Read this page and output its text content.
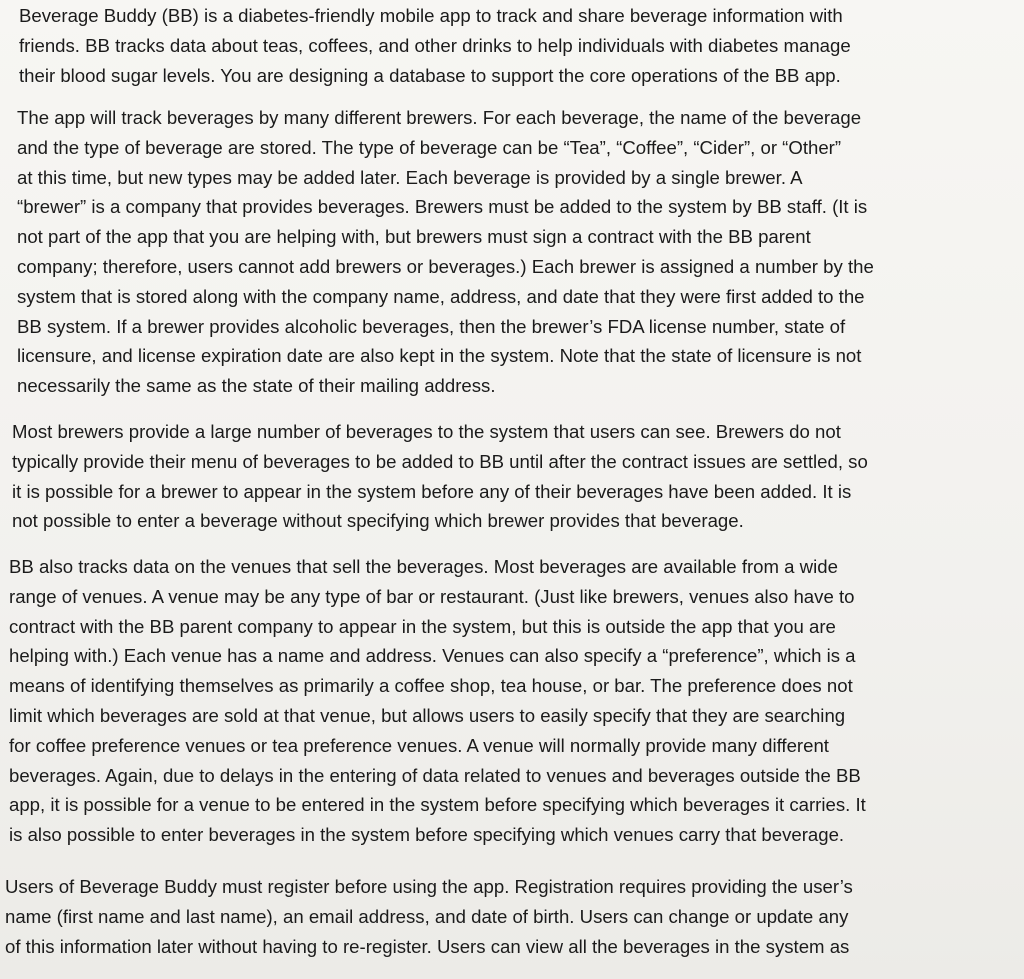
Beverage Buddy (BB) is a diabetes-friendly mobile app to track and share beverage information with
friends. BB tracks data about teas, coffees, and other drinks to help individuals with diabetes manage
their blood sugar levels. You are designing a database to support the core operations of the BB app.

The app will track beverages by many different brewers. For each beverage, the name of the beverage
and the type of beverage are stored. The type of beverage can be “Tea”, “Coffee”, “Cider”, or “Other”
at this time, but new types may be added later. Each beverage is provided by a single brewer. A
“brewer” is a company that provides beverages. Brewers must be added to the system by BB staff. (It is
not part of the app that you are helping with, but brewers must sign a contract with the BB parent
company; therefore, users cannot add brewers or beverages.) Each brewer is assigned a number by the
system that is stored along with the company name, address, and date that they were first added to the
BB system. If a brewer provides alcoholic beverages, then the brewer’s FDA license number, state of
licensure, and license expiration date are also kept in the system. Note that the state of licensure is not
necessarily the same as the state of their mailing address.

Most brewers provide a large number of beverages to the system that users can see. Brewers do not
typically provide their menu of beverages to be added to BB until after the contract issues are settled, so
it is possible for a brewer to appear in the system before any of their beverages have been added. It is
not possible to enter a beverage without specifying which brewer provides that beverage.

BB also tracks data on the venues that sell the beverages. Most beverages are available from a wide
range of venues. A venue may be any type of bar or restaurant. (Just like brewers, venues also have to
contract with the BB parent company to appear in the system, but this is outside the app that you are
helping with.) Each venue has a name and address. Venues can also specify a “preference”, which is a
means of identifying themselves as primarily a coffee shop, tea house, or bar. The preference does not
limit which beverages are sold at that venue, but allows users to easily specify that they are searching
for coffee preference venues or tea preference venues. A venue will normally provide many different
beverages. Again, due to delays in the entering of data related to venues and beverages outside the BB
app, it is possible for a venue to be entered in the system before specifying which beverages it carries. It
is also possible to enter beverages in the system before specifying which venues carry that beverage.

Users of Beverage Buddy must register before using the app. Registration requires providing the user’s
name (first name and last name), an email address, and date of birth. Users can change or update any
of this information later without having to re-register. Users can view all the beverages in the system as
